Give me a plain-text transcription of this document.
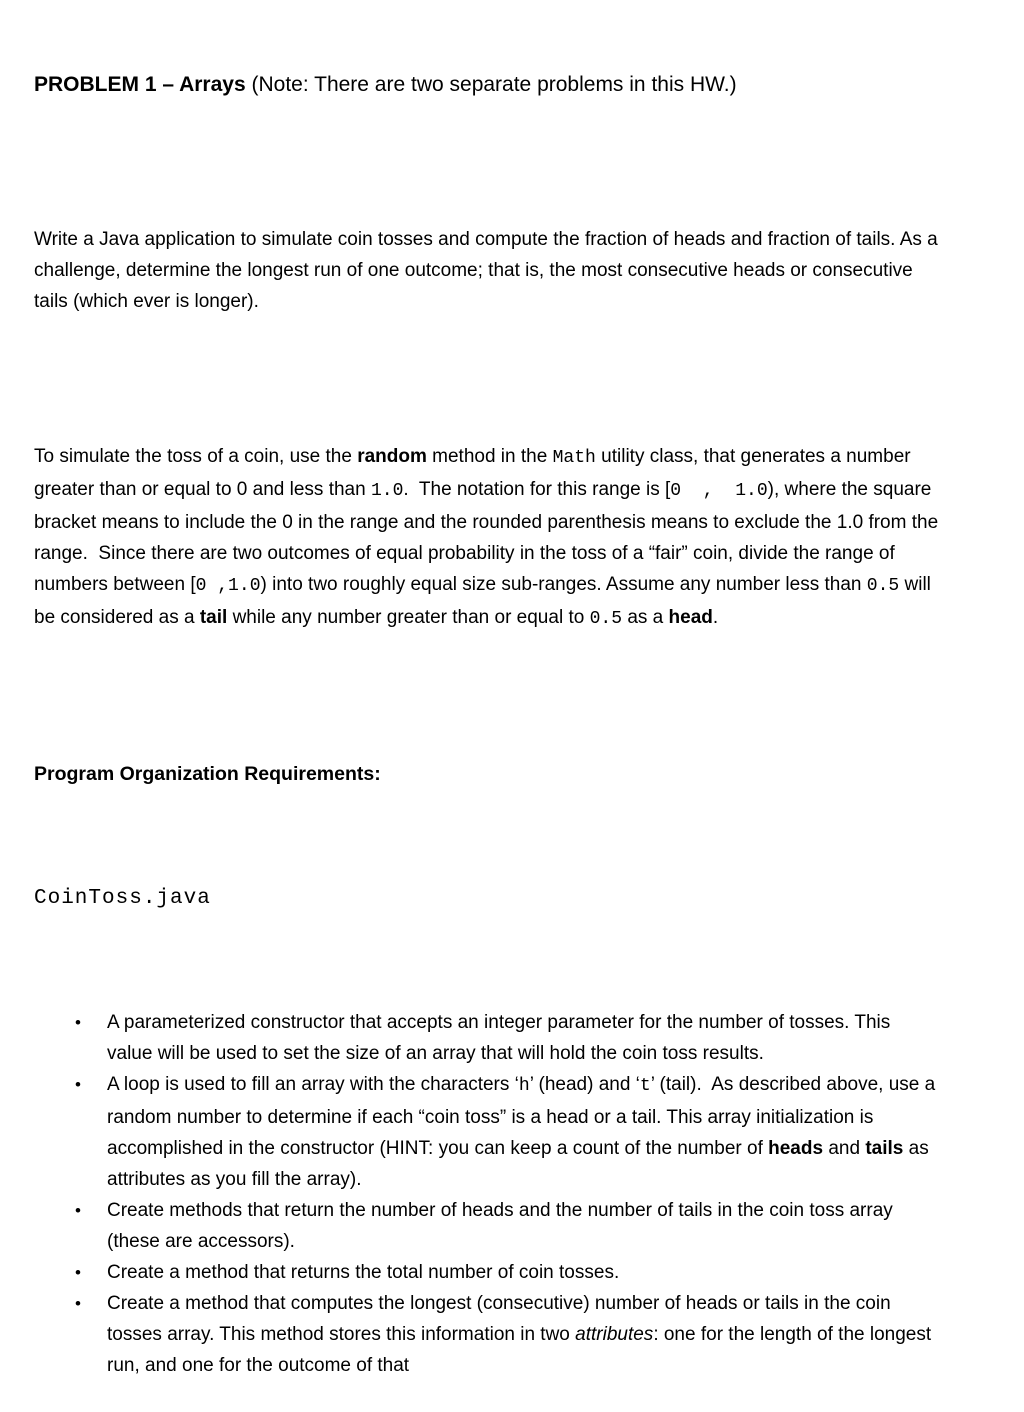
PROBLEM 1 – Arrays (Note: There are two separate problems in this HW.)

Write a Java application to simulate coin tosses and compute the fraction of heads and fraction of tails. As a challenge, determine the longest run of one outcome; that is, the most consecutive heads or consecutive tails (which ever is longer).

To simulate the toss of a coin, use the random method in the Math utility class, that generates a number greater than or equal to 0 and less than 1.0.  The notation for this range is [0  ,  1.0), where the square bracket means to include the 0 in the range and the rounded parenthesis means to exclude the 1.0 from the range.  Since there are two outcomes of equal probability in the toss of a “fair” coin, divide the range of numbers between [0 ,1.0) into two roughly equal size sub-ranges. Assume any number less than 0.5 will be considered as a tail while any number greater than or equal to 0.5 as a head.

Program Organization Requirements:

CoinToss.java

• A parameterized constructor that accepts an integer parameter for the number of tosses. This value will be used to set the size of an array that will hold the coin toss results.
• A loop is used to fill an array with the characters ‘h’ (head) and ‘t’ (tail).  As described above, use a random number to determine if each “coin toss” is a head or a tail. This array initialization is accomplished in the constructor (HINT: you can keep a count of the number of heads and tails as attributes as you fill the array).
• Create methods that return the number of heads and the number of tails in the coin toss array (these are accessors).
• Create a method that returns the total number of coin tosses.
• Create a method that computes the longest (consecutive) number of heads or tails in the coin tosses array. This method stores this information in two attributes: one for the length of the longest run, and one for the outcome of that
